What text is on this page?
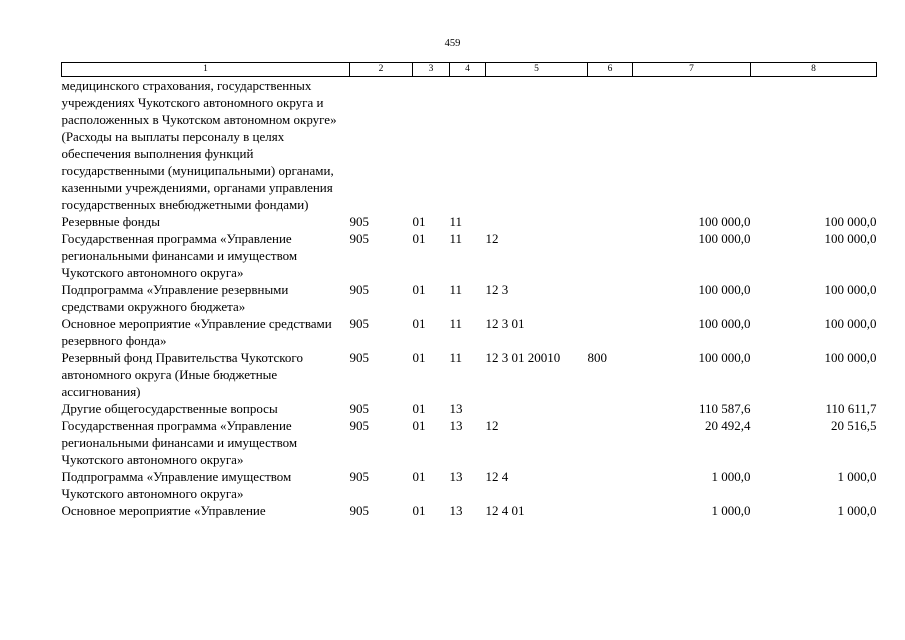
459
1	2	3	4	5	6	7	8
медицинского страхования, государственных учреждениях Чукотского автономного округа и расположенных в Чукотском автономном округе» (Расходы на выплаты персоналу в целях обеспечения выполнения функций государственными (муниципальными) органами, казенными учреждениями, органами управления государственных внебюджетными фондами)							
Резервные фонды	905	01	11			100 000,0	100 000,0
Государственная программа «Управление региональными финансами и имуществом Чукотского автономного округа»	905	01	11	12		100 000,0	100 000,0
Подпрограмма «Управление резервными средствами окружного бюджета»	905	01	11	12 3		100 000,0	100 000,0
Основное мероприятие «Управление средствами резервного фонда»	905	01	11	12 3 01		100 000,0	100 000,0
Резервный фонд Правительства Чукотского автономного округа (Иные бюджетные ассигнования)	905	01	11	12 3 01 20010	800	100 000,0	100 000,0
Другие общегосударственные вопросы	905	01	13			110 587,6	110 611,7
Государственная программа «Управление региональными финансами и имуществом Чукотского автономного округа»	905	01	13	12		20 492,4	20 516,5
Подпрограмма «Управление имуществом Чукотского автономного округа»	905	01	13	12 4		1 000,0	1 000,0
Основное мероприятие «Управление	905	01	13	12 4 01		1 000,0	1 000,0
